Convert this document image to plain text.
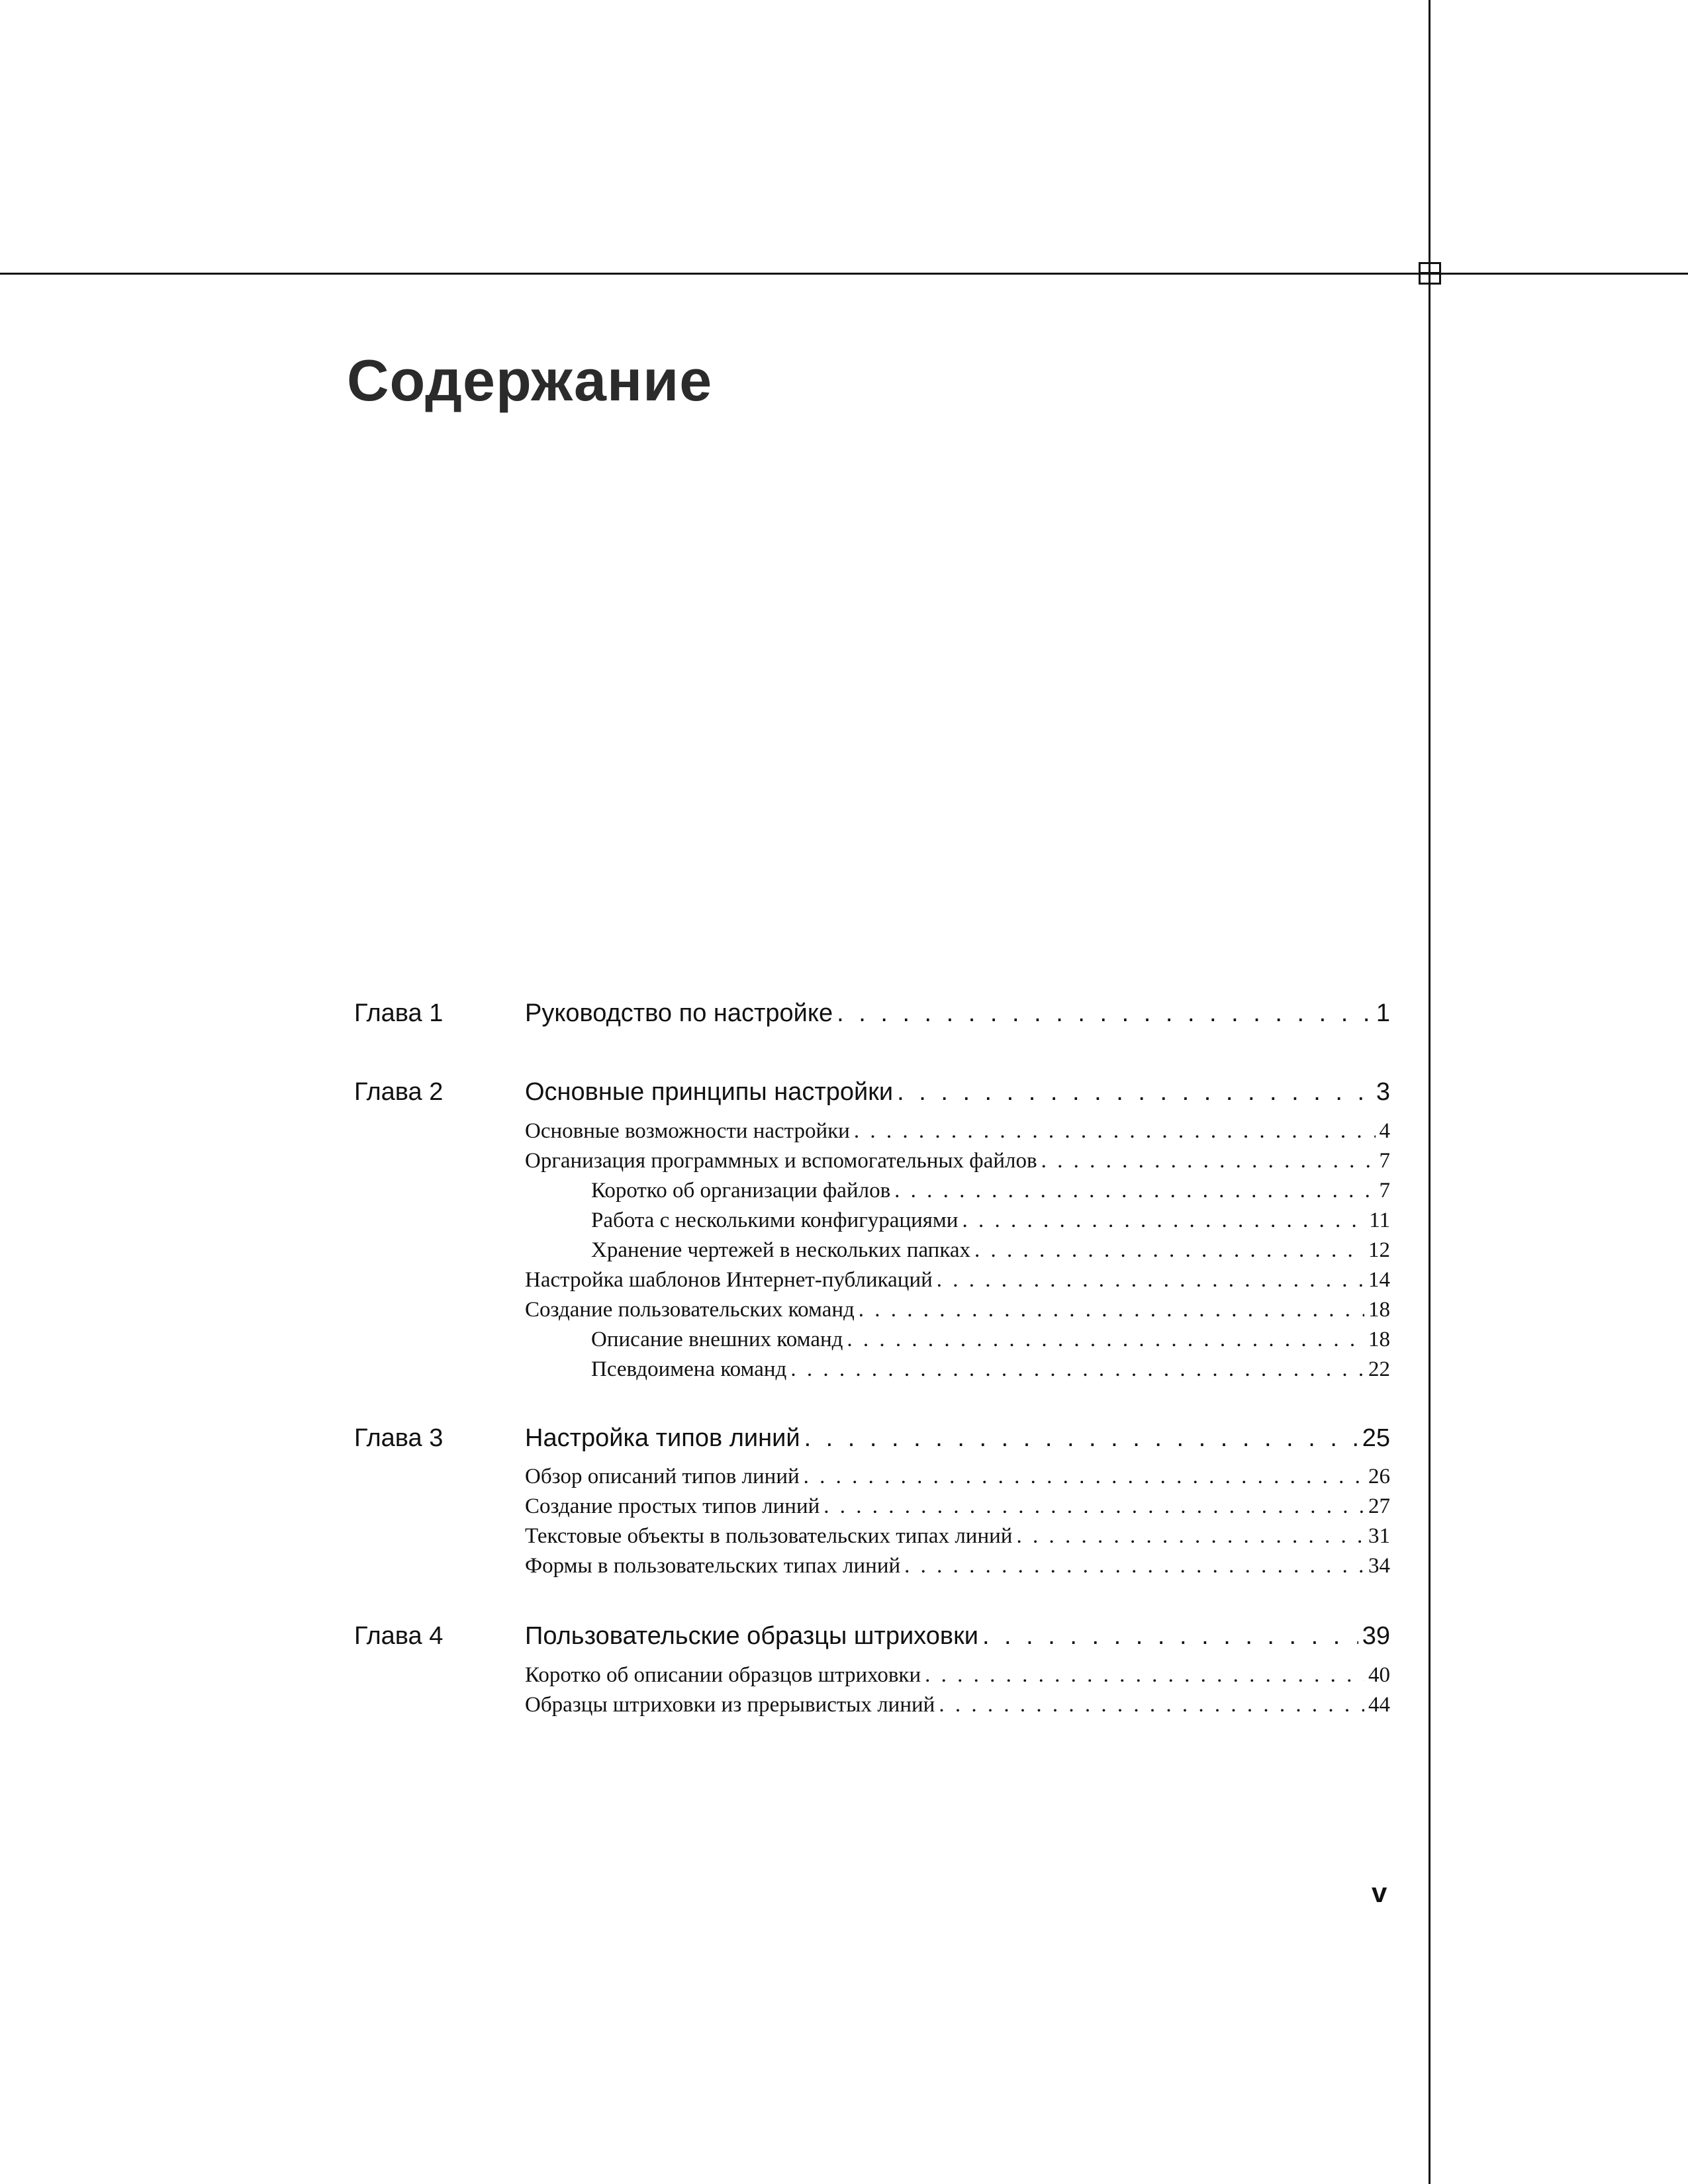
Содержание
Глава 1	Руководство по настройке . . .	1
Глава 2	Основные принципы настройки . . .	3
Основные возможности настройки . . .	4
Организация программных и вспомогательных файлов . . .	7
Коротко об организации файлов . . .	7
Работа с несколькими конфигурациями . . .	11
Хранение чертежей в нескольких папках . . .	12
Настройка шаблонов Интернет-публикаций . . .	14
Создание пользовательских команд . . .	18
Описание внешних команд . . .	18
Псевдоимена команд . . .	22
Глава 3	Настройка типов линий . . .	25
Обзор описаний типов линий . . .	26
Создание простых типов линий . . .	27
Текстовые объекты в пользовательских типах линий . . .	31
Формы в пользовательских типах линий . . .	34
Глава 4	Пользовательские образцы штриховки . . .	39
Коротко об описании образцов штриховки . . .	40
Образцы штриховки из прерывистых линий . . .	44
v
